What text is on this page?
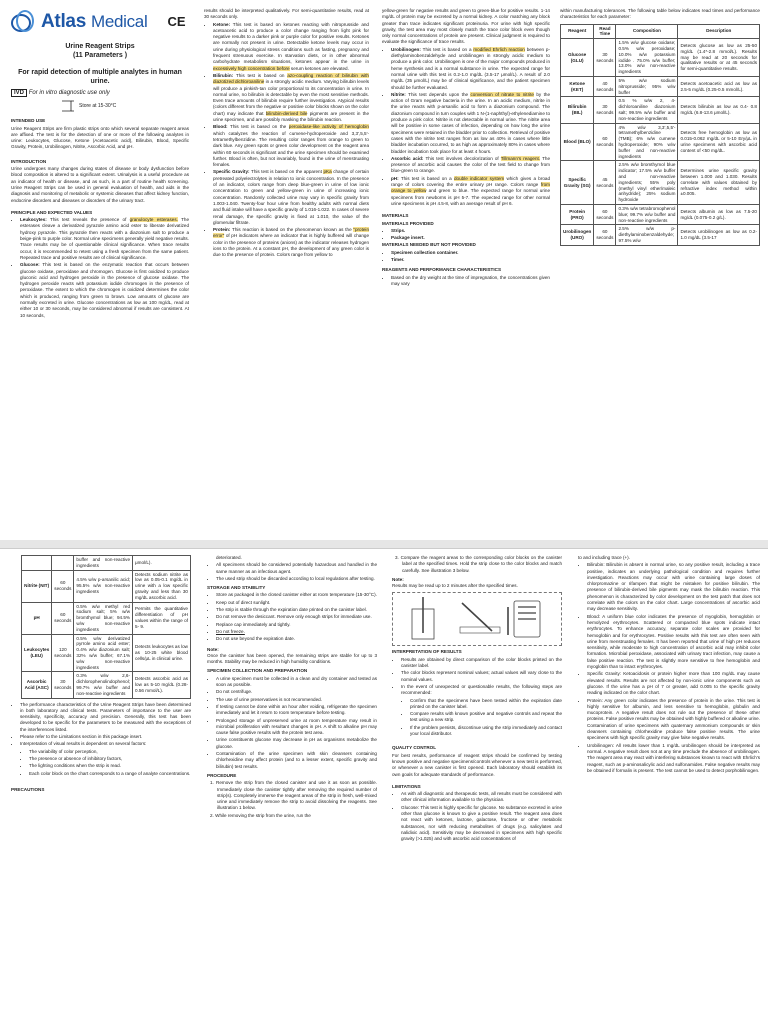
Atlas Medical CE
Urine Reagent Strips
(11 Parameters )
For rapid detection of multiple analytes in human urine.
IVD For in vitro diagnostic use only
Store at 15-30°C
INTENDED USE

Urine Reagent Strips are firm plastic strips onto which several separate reagent areas are affixed. The test is for the detection of one or more of the following analytes in urine: Leukocytes, Glucose, Ketone (Acetoacetic acid), Bilirubin, Blood, Specific Gravity, Protein, Urobilinogen, Nitrite, Ascorbic Acid, and pH.

INTRODUCTION

Urine undergoes many changes during states of disease or body dysfunction before blood composition is altered to a significant extent. Urinalysis is a useful procedure as an indicator of health or disease, and as such, is a part of routine health screening. Urine Reagent Strips can be used in general evaluation of health, and aids in the diagnosis and monitoring of metabolic or systemic diseases that affect kidney function, endocrine disorders and diseases or disorders of the urinary tract.

PRINCIPLE AND EXPECTED VALUES
• Leukocytes: This test reveals the presence of granulocyte esterases. The esterases cleave a derivatized pyrazole amino acid ester to liberate derivatized hydroxy pyrazole. This pyrazole then reacts with a diazonium salt to produce a beige-pink to purple color. Normal urine specimens generally yield negative results. Trace results may be of questionable clinical significance. When trace results occur, it is recommended to retest using a fresh specimen from the same patient. Repeated trace and positive results are of clinical significance.
• Glucose: This test is based on the enzymatic reaction that occurs between glucose oxidase, peroxidase and chromogen. Glucose is first oxidized to produce gluconic acid and hydrogen peroxide in the presence of glucose oxidase. The hydrogen peroxide reacts with potassium iodide chromogen in the presence of peroxidase. The extent to which the chromogen is oxidized determines the color which is produced, ranging from green to brown. Low amounts of glucose are normally excreted in urine. Glucose concentrations as low as 100 mg/dL, read at either 10 or 30 seconds, may be considered abnormal if results are consistent. At 10 seconds,

results should be interpreted qualitatively. For semi-quantitative results, read at 30 seconds only.

• Ketone: This test is based on ketones reacting with nitroprusside and acetoacetic acid to produce a color change ranging from light pink for negative results to a darker pink or purple color for positive results. Ketones are normally not present in urine. Detectable ketone levels may occur in urine during physiological stress conditions such as fasting, pregnancy and frequent strenuous exercise. In starvation diets, or in other abnormal carbohydrate metabolism situations, ketones appear in the urine in excessively high concentration before serum ketones are elevated.
• Bilirubin: This test is based on azo-coupling reaction of bilirubin with diazotized dichloroaniline in a strongly acidic medium. Varying bilirubin levels will produce a pinkish-tan color proportional to its concentration in urine. In normal urine, no bilirubin is detectable by even the most sensitive methods. Even trace amounts of bilirubin require further investigation. Atypical results (colors different from the negative or positive color blocks shown on the color chart) may indicate that bilirubin-derived bile pigments are present in the urine specimen, and are possibly masking the bilirubin reaction.
• Blood: This test is based on the peroxidase-like activity of hemoglobin which catalyzes the reaction of cumene-hydroperoxide and 3,3',5,5'-tetramethylbenzidine. The resulting color ranges from orange to green to dark blue. Any green spots or green color development on the reagent area within 60 seconds is significant and the urine specimen should be examined further. Blood is often, but not invariably, found in the urine of menstruating females.
• Specific Gravity: This test is based on the apparent pKa change of certain pretreated polyelectrolytes in relation to ionic concentration. In the presence of an indicator, colors range from deep blue-green in urine of low ionic concentration to green and yellow-green in urine of increasing ionic concentration. Randomly collected urine may vary in specific gravity from 1.003-1.040. Twenty-four hour urine from healthy adults with normal diets and fluid intake will have a specific gravity of 1.016-1.022. In cases of severe renal damage, the specific gravity is fixed at 1.010, the value of the glomerular filtrate.
• Protein: This reaction is based on the phenomenon known as the “protein error” of pH indicators where an indicator that is highly buffered will change color in the presence of proteins (anions) as the indicator releases hydrogen ions to the protein. At a constant pH, the development of any green color is due to the presence of protein. Colors range from yellow to

yellow-green for negative results and green to green-blue for positive results. 1-14 mg/dL of protein may be excreted by a normal kidney. A color matching any block greater than trace indicates significant proteinuria. For urine with high specific gravity, the test area may most closely match the trace color block even though only normal concentrations of protein are present. Clinical judgment is required to evaluate the significance of trace results.

• Urobilinogen: This test is based on a modified Ehrlich reaction between p-diethylaminobenzaldehyde and urobilinogen in strongly acidic medium to produce a pink color. Urobilinogen is one of the major compounds produced in heme synthesis and is a normal substance in urine. The expected range for normal urine with this test is 0.2-1.0 mg/dL (3.5-17 μmol/L). A result of 2.0 mg/dL (35 μmol/L) may be of clinical significance, and the patient specimen should be further evaluated.
• Nitrite: This test depends upon the conversion of nitrate to nitrite by the action of Gram negative bacteria in the urine. In an acidic medium, nitrite in the urine reacts with p-arsanilic acid to form a diazonium compound. The diazonium compound in turn couples with 1 N-(1-naphthyl)-ethylenediamine to produce a pink color. Nitrite is not detectable in normal urine. The nitrite area will be positive in some cases of infection, depending on how long the urine specimens were retained in the bladder prior to collection. Retrieval of positive cases with the nitrite test ranges from as low as 40% in cases where little bladder incubation occurred, to as high as approximately 80% in cases where bladder incubation took place for at least 4 hours.
• Ascorbic acid: This test involves decolorization of Tillmann’s reagent. The presence of ascorbic acid causes the color of the test field to change from blue-green to orange.
• pH: This test is based on a double indicator system which gives a broad range of colors covering the entire urinary pH range. Colors range from orange to yellow and green to blue. The expected range for normal urine specimens from newborns is pH 5-7. The expected range for other normal urine specimens is pH 4.5-8, with an average result of pH 6.
MATERIALS
MATERIALS PROVIDED
• Strips.
• Package insert.
MATERIALS NEEDED BUT NOT PROVIDED
• Specimen collection container.
• Timer.
REAGENTS AND PERFORMANCE CHARACTERISTICS
• Based on the dry weight at the time of impregnation, the concentrations given may vary

within manufacturing tolerances. The following table below indicates read times and performance characteristics for each parameter:

Reagent	Read Time	Composition	Description
Glucose (GLU)	30 seconds	1.5% w/w glucose oxidase; 0.5% w/w peroxidase; 10.0% w/w potassium iodide . 75.0% w/w buffer; 13.0% w/w non-reactive ingredients	Detects glucose as low as 25-50 mg/dL (1.4*-2.8 mmol/L). Results may be read at 20 seconds for qualitative results or at 45 seconds for semi-quantitative results.
Ketone (KET)	40 seconds	5% w/w sodium nitroprusside; 95% w/w buffer	Detects acetoacetic acid as low as 2.5-5 mg/dL (0.25-0.5 mmol/L).
Bilirubin (BIL)	30 seconds	0.5 % w/w 2, 4-dichloroaniline diazonium salt; 99.5% w/w buffer and non-reactive ingredients	Detects bilirubin as low as 0.4- 0.8 mg/dL (6.8-13.6 μmol/L).
Blood (BLO)	60 seconds	4% w/w 3,3',5,5'-tetramethylbenzidine (TMB); 6% w/w cumene hydroperoxide; 90% w/w buffer and non-reactive ingredients	Detects free hemoglobin as low as 0.015-0.062 mg/dL or 5-10 Ery/μL in urine specimens with ascorbic acid content of <50 mg/dL.
Specific Gravity (SG)	45 seconds	2.5% w/w bromthymol blue indicator; 17.5% w/w buffer and non-reactive ingredients; 55% poly (methyl vinyl ether/maleic anhydride); 25% sodium hydroxide	Determines urine specific gravity between 1.000 and 1.030. Results correlate with values obtained by refractive index method within ±0.005.
Protein (PRO)	60 seconds	0.3% w/w tetrabromophenol blue; 99.7% w/w buffer and non-reactive ingredients	Detects albumin as low as 7.5-20 mg/dL (0.075-0.2 g/L).
Urobilinogen (URO)	60 seconds	2.5% w/w p-diethylaminobenzaldehyde; 97.5% w/w	Detects urobilinogen as low as 0.2-1.0 mg/dL (3.5-17
		buffer and non-reactive ingredients	μmol/L).
Nitrite (NIT)	60 seconds	4.5% w/w p-arsanilic acid; 95.5% w/w non-reactive ingredients	Detects sodium nitrite as low as 0.05-0.1 mg/dL in urine with a low specific gravity and less than 30 mg/dL ascorbic acid.
pH	60 seconds	0.5% w/w methyl red sodium salt; 5% w/w bromthymol blue; 94.5% w/w non-reactive ingredients	Permits the quantitative differentiation of pH values within the range of 5- 9.
Leukocytes (LEU)	120 seconds	0.5% w/w derivatized pyrrole amino acid ester; 0.4% w/w diazonium salt; 32% w/w buffer; 67.1% w/w non-reactive ingredients	Detects leukocytes as low as 10-25 white blood cells/μL in clinical urine.
Ascorbic Acid (ASC)	30 seconds	0.3% w/w 2,6-dichlorophenolindophenol; 99.7% w/w buffer and non-reactive ingredients	Detects ascorbic acid as low as 5-10 mg/dL (0.28-0.56 mmol/L).
• The performance characteristics of the Urine Reagent Strips have been determined in both laboratory and clinical tests. Parameters of importance to the user are sensitivity, specificity, accuracy and precision. Generally, this test has been developed to be specific for the parameters to be measured with the exceptions of the interferences listed.
• Please refer to the Limitations section in this package insert.
• Interpretation of visual results is dependent on several factors:
• The variability of color perception,
• The presence or absence of inhibitory factors,
• The lighting conditions when the strip is read.
• Each color block on the chart corresponds to a range of analyte concentrations.
PRECAUTIONS
deteriorated.
• All specimens should be considered potentially hazardous and handled in the same manner as an infectious agent.
• The used strip should be discarded according to local regulations after testing.
STORAGE AND STABILITY
• Store as packaged in the closed canister either at room temperature (15-30°C).
• Keep out of direct sunlight.
• The strip is stable through the expiration date printed on the canister label.
• Do not remove the desiccant. Remove only enough strips for immediate use.
• Replace cap immediately and tightly.
• Do not freeze.
• Do not use beyond the expiration date.
Note:

Once the canister has been opened, the remaining strips are stable for up to 3 months. Stability may be reduced in high humidity conditions.

SPECIMEN COLLECTION AND PREPARATION
• A urine specimen must be collected in a clean and dry container and tested as soon as possible.
• Do not centrifuge.
• The use of urine preservatives is not recommended.
• If testing cannot be done within an hour after voiding, refrigerate the specimen immediately and let it return to room temperature before testing.
• Prolonged storage of unpreserved urine at room temperature may result in microbial proliferation with resultant changes in pH. A shift to alkaline pH may cause false positive results with the protein test area.
• Urine constituents glucose may decrease in pH as organisms metabolize the glucose.
• Contamination of the urine specimen with skin cleansers containing chlorhexidine may affect protein (and to a lesser extent, specific gravity and bilirubin) test results.
PROCEDURE

1. Remove the strip from the closed canister and use it as soon as possible. Immediately close the canister tightly after removing the required number of strip(s). Completely immerse the reagent areas of the strip in fresh, well-mixed urine and immediately remove the strip to avoid dissolving the reagents. See illustration 1 below.

2. While removing the strip from the urine, run the

3. Compare the reagent areas to the corresponding color blocks on the canister label at the specified times. Hold the strip close to the color blocks and match carefully. See illustration 3 below.

Note:

Results may be read up to 2 minutes after the specified times.

INTERPRETATION OF RESULTS
• Results are obtained by direct comparison of the color blocks printed on the canister label.
• The color blocks represent nominal values; actual values will vary close to the nominal values.
• In the event of unexpected or questionable results, the following steps are recommended:
• Confirm that the specimens have been tested within the expiration date printed on the canister label.
• Compare results with known positive and negative controls and repeat the test using a new strip.
• If the problem persists, discontinue using the strip immediately and contact your local distributor.
QUALITY CONTROL

For best results, performance of reagent strips should be confirmed by testing known positive and negative specimens/controls whenever a new test is performed, or whenever a new canister is first opened. Each laboratory should establish its own goals for adequate standards of performance.

LIMITATIONS
• As with all diagnostic and therapeutic tests, all results must be considered with other clinical information available to the physician.
• Glucose: This test is highly specific for glucose. No substance excreted in urine other than glucose is known to give a positive result. The reagent area does not react with ketones, lactose, galactose, fructose or other metabolic substances, nor with reducing metabolites of drugs (e.g. salicylates and nalidixic acid). Sensitivity may be decreased in specimens with high specific gravity (>1.025) and with ascorbic acid concentrations of

to and including trace (+).

• Bilirubin: Bilirubin is absent in normal urine, so any positive result, including a trace positive, indicates an underlying pathological condition and requires further investigation. Reactions may occur with urine containing large doses of chlorpromazine or rifampen that might be mistaken for positive bilirubin. The presence of bilirubin-derived bile pigments may mask the bilirubin reaction. This phenomenon is characterized by color development on the test patch that does not correlate with the colors on the color chart. Large concentrations of ascorbic acid may decrease sensitivity.
• Blood: A uniform blue color indicates the presence of myoglobin, hemoglobin or hemolyzed erythrocytes. Scattered or compacted blue spots indicate intact erythrocytes. To enhance accuracy, separate color scales are provided for hemoglobin and for erythrocytes. Positive results with this test are often seen with urine from menstruating females. It has been reported that urine of high pH reduces sensitivity, while moderate to high concentration of ascorbic acid may inhibit color formation. Microbial peroxidase, associated with urinary tract infection, may cause a false positive reaction. The test is slightly more sensitive to free hemoglobin and myoglobin than to intact erythrocytes.
• Specific Gravity: Ketoacidosis or protein higher more than 100 mg/dL may cause elevated results. Results are not affected by non-ionic urine components such as glucose. If the urine has a pH of 7 or greater, add 0.005 to the specific gravity reading indicated on the color chart.
• Protein: Any green color indicates the presence of protein in the urine. This test is highly sensitive for albumin, and less sensitive to hemoglobin, globulin and mucoprotein. A negative result does not rule out the presence of these other proteins. False positive results may be obtained with highly buffered or alkaline urine. Contamination of urine specimens with quaternary ammonium compounds or skin cleansers containing chlorhexidine produce false positive results. The urine specimens with high specific gravity may give false negative results.
• Urobilinogen: All results lower than 1 mg/dL urobilinogen should be interpreted as normal. A negative result does not at any time preclude the absence of urobilinogen. The reagent area may react with interfering substances known to react with Ehrlich’s reagent, such as p-aminosalicylic acid and sulfonamides. False negative results may be obtained if formalin is present. The test cannot be used to detect porphobilinogen.
